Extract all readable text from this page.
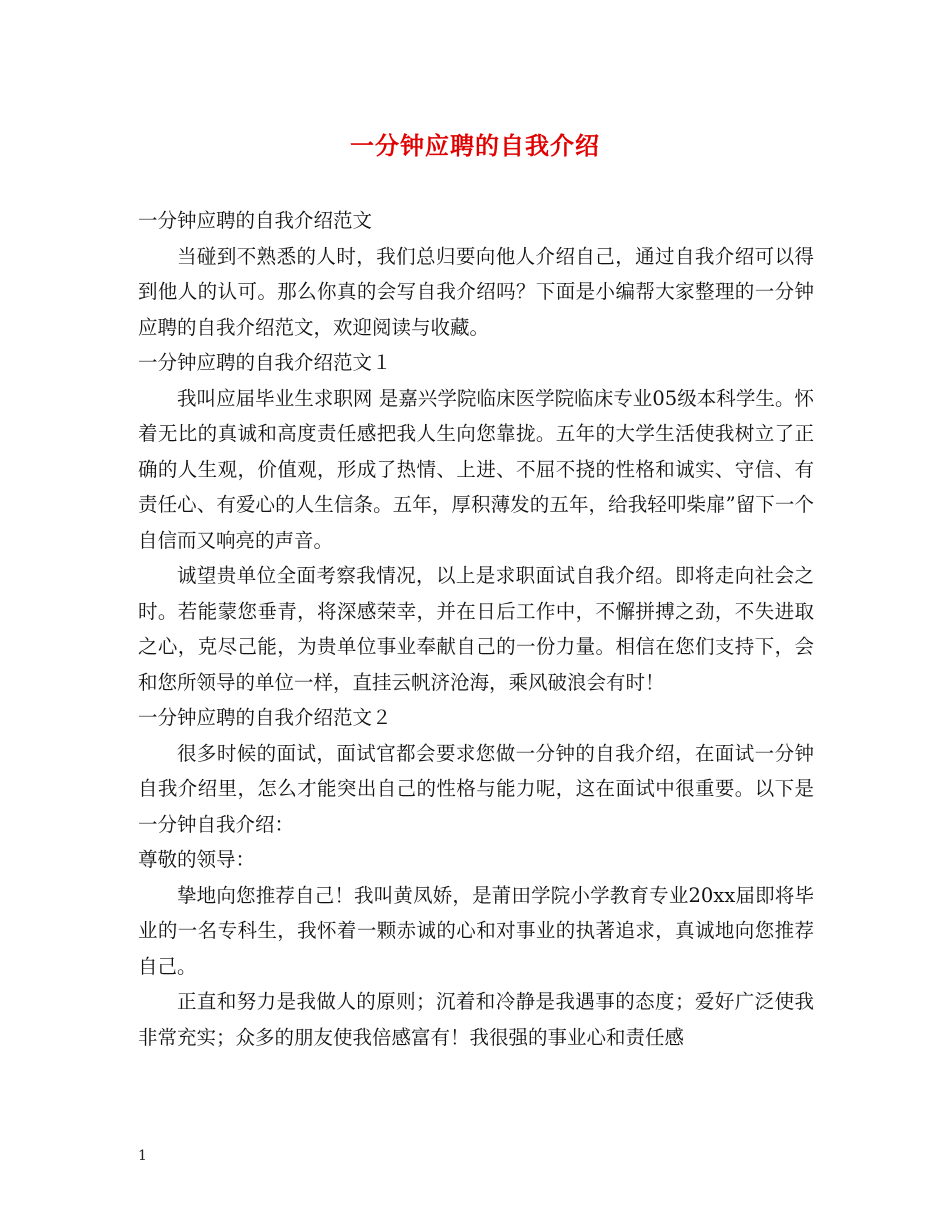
一分钟应聘的自我介绍

一分钟应聘的自我介绍范文

当碰到不熟悉的人时，我们总归要向他人介绍自己，通过自我介绍可以得到他人的认可。那么你真的会写自我介绍吗？下面是小编帮大家整理的一分钟应聘的自我介绍范文，欢迎阅读与收藏。

一分钟应聘的自我介绍范文１

我叫应届毕业生求职网 是嘉兴学院临床医学院临床专业05级本科学生。怀着无比的真诚和高度责任感把我人生向您靠拢。五年的大学生活使我树立了正确的人生观，价值观，形成了热情、上进、不屈不挠的性格和诚实、守信、有责任心、有爱心的人生信条。五年，厚积薄发的五年，给我轻叩柴扉”留下一个自信而又响亮的声音。

诚望贵单位全面考察我情况，以上是求职面试自我介绍。即将走向社会之时。若能蒙您垂青，将深感荣幸，并在日后工作中，不懈拼搏之劲，不失进取之心，克尽己能，为贵单位事业奉献自己的一份力量。相信在您们支持下，会和您所领导的单位一样，直挂云帆济沧海，乘风破浪会有时！

一分钟应聘的自我介绍范文２

很多时候的面试，面试官都会要求您做一分钟的自我介绍，在面试一分钟自我介绍里，怎么才能突出自己的性格与能力呢，这在面试中很重要。以下是一分钟自我介绍：

尊敬的领导：

挚地向您推荐自己！我叫黄凤娇，是莆田学院小学教育专业20xx届即将毕业的一名专科生，我怀着一颗赤诚的心和对事业的执著追求，真诚地向您推荐自己。

正直和努力是我做人的原则；沉着和冷静是我遇事的态度；爱好广泛使我非常充实；众多的朋友使我倍感富有！我很强的事业心和责任感

1
